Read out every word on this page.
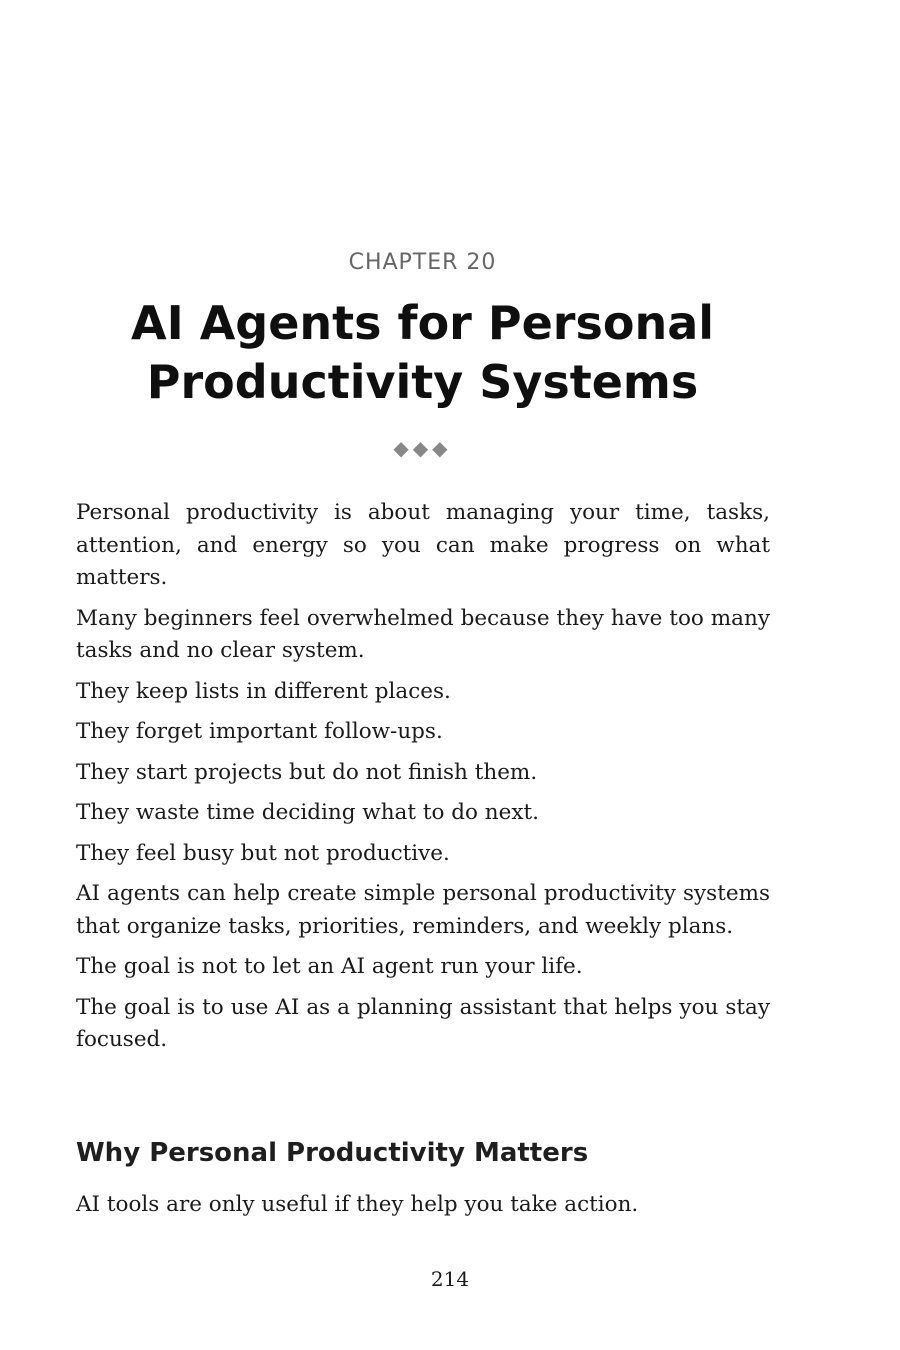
CHAPTER 20
AI Agents for Personal Productivity Systems
◆◆◆

Personal productivity is about managing your time, tasks, attention, and energy so you can make progress on what matters.

Many beginners feel overwhelmed because they have too many tasks and no clear system.

They keep lists in different places.

They forget important follow-ups.

They start projects but do not finish them.

They waste time deciding what to do next.

They feel busy but not productive.

AI agents can help create simple personal productivity systems that organize tasks, priorities, reminders, and weekly plans.

The goal is not to let an AI agent run your life.

The goal is to use AI as a planning assistant that helps you stay focused.

Why Personal Productivity Matters

AI tools are only useful if they help you take action.

214
